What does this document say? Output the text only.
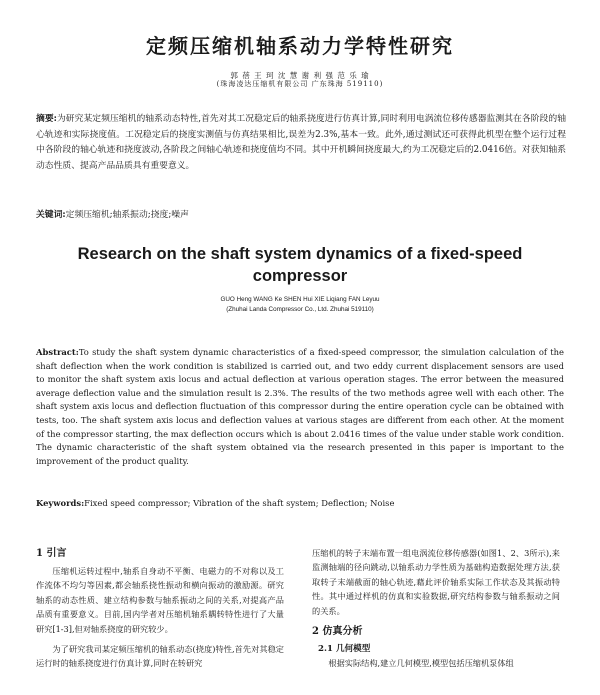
定频压缩机轴系动力学特性研究
郭 蓓 王 珂 沈 慧 谢 利 强 范 乐 瑜
(珠海凌达压缩机有限公司 广东珠海 519110)
摘要:为研究某定频压缩机的轴系动态特性,首先对其工况稳定后的轴系挠度进行仿真计算,同时利用电涡流位移传感器监测其在各阶段的轴心轨迹和实际挠度值。工况稳定后的挠度实测值与仿真结果相比,误差为2.3%,基本一致。此外,通过测试还可获得此机型在整个运行过程中各阶段的轴心轨迹和挠度波动,各阶段之间轴心轨迹和挠度值均不同。其中开机瞬间挠度最大,约为工况稳定后的2.0416倍。对获知轴系动态性质、提高产品品质具有重要意义。
关键词:定频压缩机;轴系振动;挠度;噪声
Research on the shaft system dynamics of a fixed-speed compressor
GUO Heng WANG Ke SHEN Hui XIE Liqiang FAN Leyuu
(Zhuhai Landa Compressor Co., Ltd. Zhuhai 519110)
Abstract:To study the shaft system dynamic characteristics of a fixed-speed compressor, the simulation calculation of the shaft deflection when the work condition is stabilized is carried out, and two eddy current displacement sensors are used to monitor the shaft system axis locus and actual deflection at various operation stages. The error between the measured average deflection value and the simulation result is 2.3%. The results of the two methods agree well with each other. The shaft system axis locus and deflection fluctuation of this compressor during the entire operation cycle can be obtained with tests, too. The shaft system axis locus and deflection values at various stages are different from each other. At the moment of the compressor starting, the max deflection occurs which is about 2.0416 times of the value under stable work condition. The dynamic characteristic of the shaft system obtained via the research presented in this paper is important to the improvement of the product quality.
Keywords:Fixed speed compressor; Vibration of the shaft system; Deflection; Noise
1 引言

压缩机运转过程中,轴系自身动不平衡、电磁力的不对称以及工作流体不均匀等因素,都会轴系挠性振动和横向振动的激励源。研究轴系的动态性质、建立结构参数与轴系振动之间的关系,对提高产品品质有重要意义。目前,国内学者对压缩机轴系耦转特性进行了大量研究[1-3],但对轴系挠度的研究较少。

为了研究我司某定频压缩机的轴系动态(挠度)特性,首先对其稳定运行时的轴系挠度进行仿真计算,同时在转研究

压缩机的转子末端布置一组电涡流位移传感器(如图1、2、3所示),来监测轴端的径向跳动,以轴系动力学性质为基础构造数据处理方法,获取转子末端截面的轴心轨迹,藉此评价轴系实际工作状态及其振动特性。其中通过样机的仿真和实验数据,研究结构参数与轴系振动之间的关系。

2 仿真分析
2.1 几何模型

根据实际结构,建立几何模型,模型包括压缩机泵体组
